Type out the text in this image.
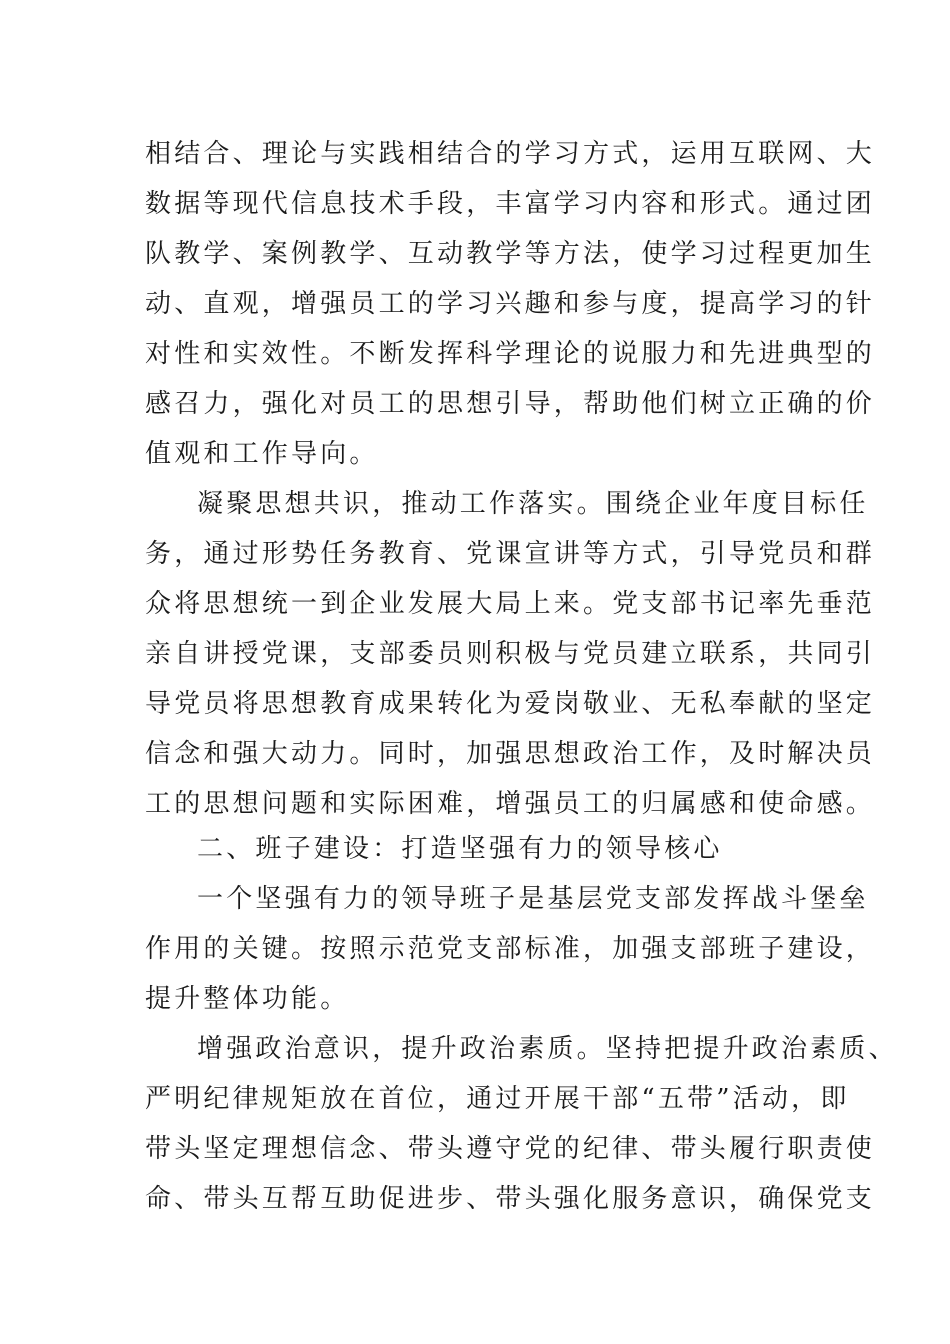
相结合、理论与实践相结合的学习方式，运用互联网、大
数据等现代信息技术手段，丰富学习内容和形式。通过团
队教学、案例教学、互动教学等方法，使学习过程更加生
动、直观，增强员工的学习兴趣和参与度，提高学习的针
对性和实效性。不断发挥科学理论的说服力和先进典型的
感召力，强化对员工的思想引导，帮助他们树立正确的价
值观和工作导向。
凝聚思想共识，推动工作落实。围绕企业年度目标任
务，通过形势任务教育、党课宣讲等方式，引导党员和群
众将思想统一到企业发展大局上来。党支部书记率先垂范
亲自讲授党课，支部委员则积极与党员建立联系，共同引
导党员将思想教育成果转化为爱岗敬业、无私奉献的坚定
信念和强大动力。同时，加强思想政治工作，及时解决员
工的思想问题和实际困难，增强员工的归属感和使命感。
二、班子建设：打造坚强有力的领导核心
一个坚强有力的领导班子是基层党支部发挥战斗堡垒
作用的关键。按照示范党支部标准，加强支部班子建设，
提升整体功能。
增强政治意识，提升政治素质。坚持把提升政治素质、
严明纪律规矩放在首位，通过开展干部“五带”活动，即
带头坚定理想信念、带头遵守党的纪律、带头履行职责使
命、带头互帮互助促进步、带头强化服务意识，确保党支
